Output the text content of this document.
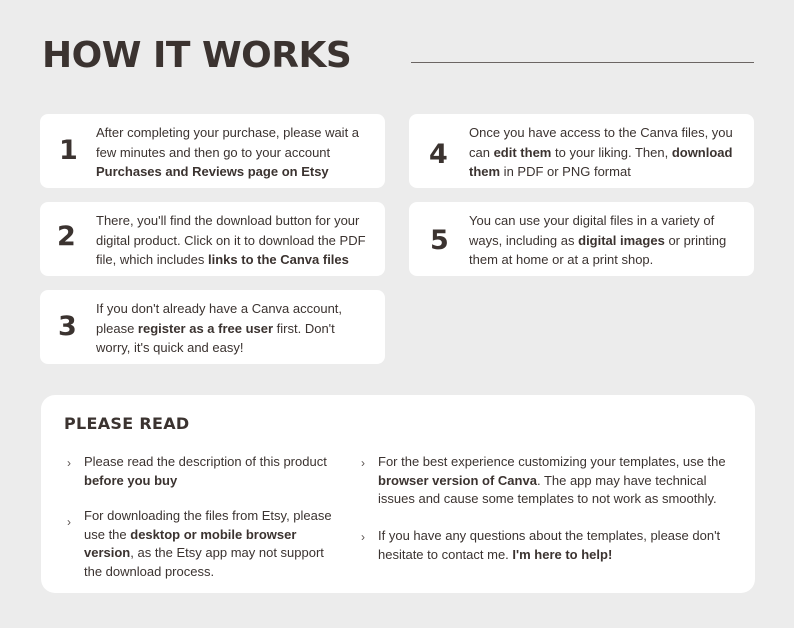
HOW IT WORKS
1

After completing your purchase, please wait a few minutes and then go to your account Purchases and Reviews page on Etsy

2

There, you'll find the download button for your digital product. Click on it to download the PDF file, which includes links to the Canva files

3

If you don't already have a Canva account, please register as a free user first. Don't worry, it's quick and easy!

4

Once you have access to the Canva files, you can edit them to your liking. Then, download them in PDF or PNG format

5

You can use your digital files in a variety of ways, including as digital images or printing them at home or at a print shop.

PLEASE READ
› Please read the description of this product before you buy

› For downloading the files from Etsy, please use the desktop or mobile browser version, as the Etsy app may not support the download process.

› For the best experience customizing your templates, use the browser version of Canva. The app may have technical issues and cause some templates to not work as smoothly.

› If you have any questions about the templates, please don't hesitate to contact me. I'm here to help!
